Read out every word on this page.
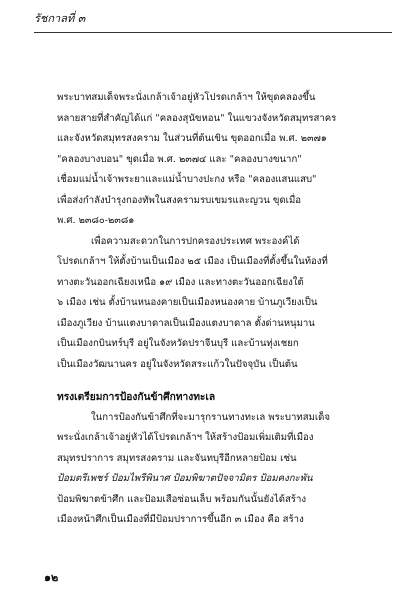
รัชกาลที่ ๓

พระบาทสมเด็จพระนั่งเกล้าเจ้าอยู่หัวโปรดเกล้าฯ ให้ขุดคลองขึ้น
หลายสายที่สำคัญได้แก่ "คลองสุนัขหอน" ในแขวงจังหวัดสมุทรสาคร
และจังหวัดสมุทรสงคราม ในส่วนที่ต้นเขิน ขุดออกเมื่อ พ.ศ. ๒๓๗๑
"คลองบางบอน" ขุดเมื่อ พ.ศ. ๒๓๗๔ และ "คลองบางขนาก"
เชื่อมแม่น้ำเจ้าพระยาและแม่น้ำบางปะกง หรือ "คลองแสนแสบ"
เพื่อส่งกำลังบำรุงกองทัพในสงครามรบเขมรและญวน ขุดเมื่อ
พ.ศ. ๒๓๘๐-๒๓๘๑

เพื่อความสะดวกในการปกครองประเทศ พระองค์ได้
โปรดเกล้าฯ ให้ตั้งบ้านเป็นเมือง ๒๕ เมือง เป็นเมืองที่ตั้งขึ้นในท้องที่
ทางตะวันออกเฉียงเหนือ ๑๙ เมือง และทางตะวันออกเฉียงใต้
๖ เมือง เช่น ตั้งบ้านหนองคายเป็นเมืองหนองคาย บ้านภูเวียงเป็น
เมืองภูเวียง บ้านแตงบาดาลเป็นเมืองแตงบาดาล ตั้งด่านหนุมาน
เป็นเมืองกบินทร์บุรี อยู่ในจังหวัดปราจีนบุรี และบ้านทุ่งเชยก
เป็นเมืองวัฒนานคร อยู่ในจังหวัดสระแก้วในปัจจุบัน เป็นต้น

ทรงเตรียมการป้องกันข้าศึกทางทะเล

ในการป้องกันข้าศึกที่จะมารุกรานทางทะเล พระบาทสมเด็จ
พระนั่งเกล้าเจ้าอยู่หัวได้โปรดเกล้าฯ ให้สร้างป้อมเพิ่มเติมที่เมือง
สมุทรปราการ สมุทรสงคราม และจันทบุรีอีกหลายป้อม เช่น
ป้อมตรีเพชร์ ป้อมไพรีพินาศ ป้อมพิฆาตปัจจามิตร ป้อมคงกะพัน
ป้อมพิฆาตข้าศึก และป้อมเสือซ่อนเล็บ พร้อมกันนั้นยังได้สร้าง
เมืองหน้าศึกเป็นเมืองที่มีป้อมปราการขึ้นอีก ๓ เมือง คือ สร้าง

๑๒
